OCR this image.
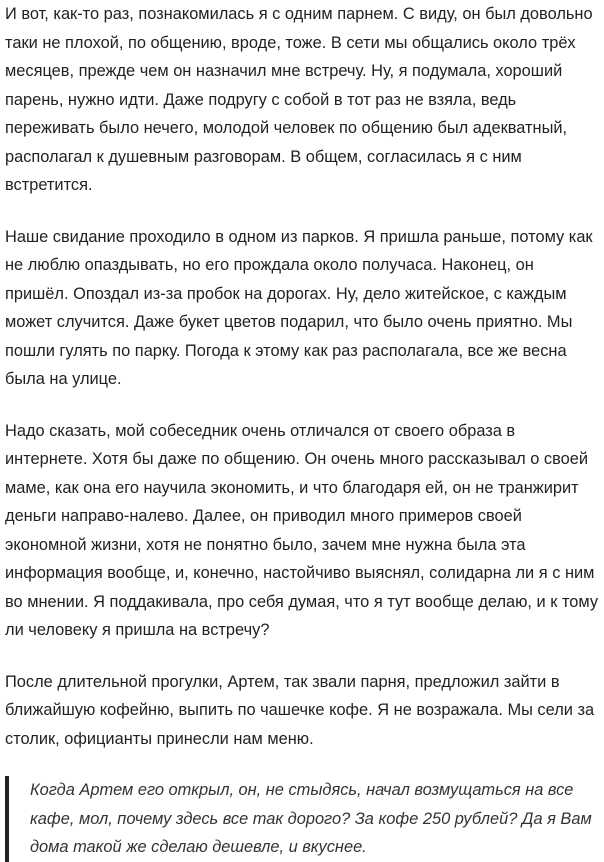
И вот, как-то раз, познакомилась я с одним парнем. С виду, он был довольно таки не плохой, по общению, вроде, тоже. В сети мы общались около трёх месяцев, прежде чем он назначил мне встречу. Ну, я подумала, хороший парень, нужно идти. Даже подругу с собой в тот раз не взяла, ведь переживать было нечего, молодой человек по общению был адекватный, располагал к душевным разговорам. В общем, согласилась я с ним встретится.

Наше свидание проходило в одном из парков. Я пришла раньше, потому как не люблю опаздывать, но его прождала около получаса. Наконец, он пришёл. Опоздал из-за пробок на дорогах. Ну, дело житейское, с каждым может случится. Даже букет цветов подарил, что было очень приятно. Мы пошли гулять по парку. Погода к этому как раз располагала, все же весна была на улице.

Надо сказать, мой собеседник очень отличался от своего образа в интернете. Хотя бы даже по общению. Он очень много рассказывал о своей маме, как она его научила экономить, и что благодаря ей, он не транжирит деньги направо-налево. Далее, он приводил много примеров своей экономной жизни, хотя не понятно было, зачем мне нужна была эта информация вообще, и, конечно, настойчиво выяснял, солидарна ли я с ним во мнении. Я поддакивала, про себя думая, что я тут вообще делаю, и к тому ли человеку я пришла на встречу?

После длительной прогулки, Артем, так звали парня, предложил зайти в ближайшую кофейню, выпить по чашечке кофе. Я не возражала. Мы сели за столик, официанты принесли нам меню.

Когда Артем его открыл, он, не стыдясь, начал возмущаться на все кафе, мол, почему здесь все так дорого? За кофе 250 рублей? Да я Вам дома такой же сделаю дешевле, и вкуснее.
